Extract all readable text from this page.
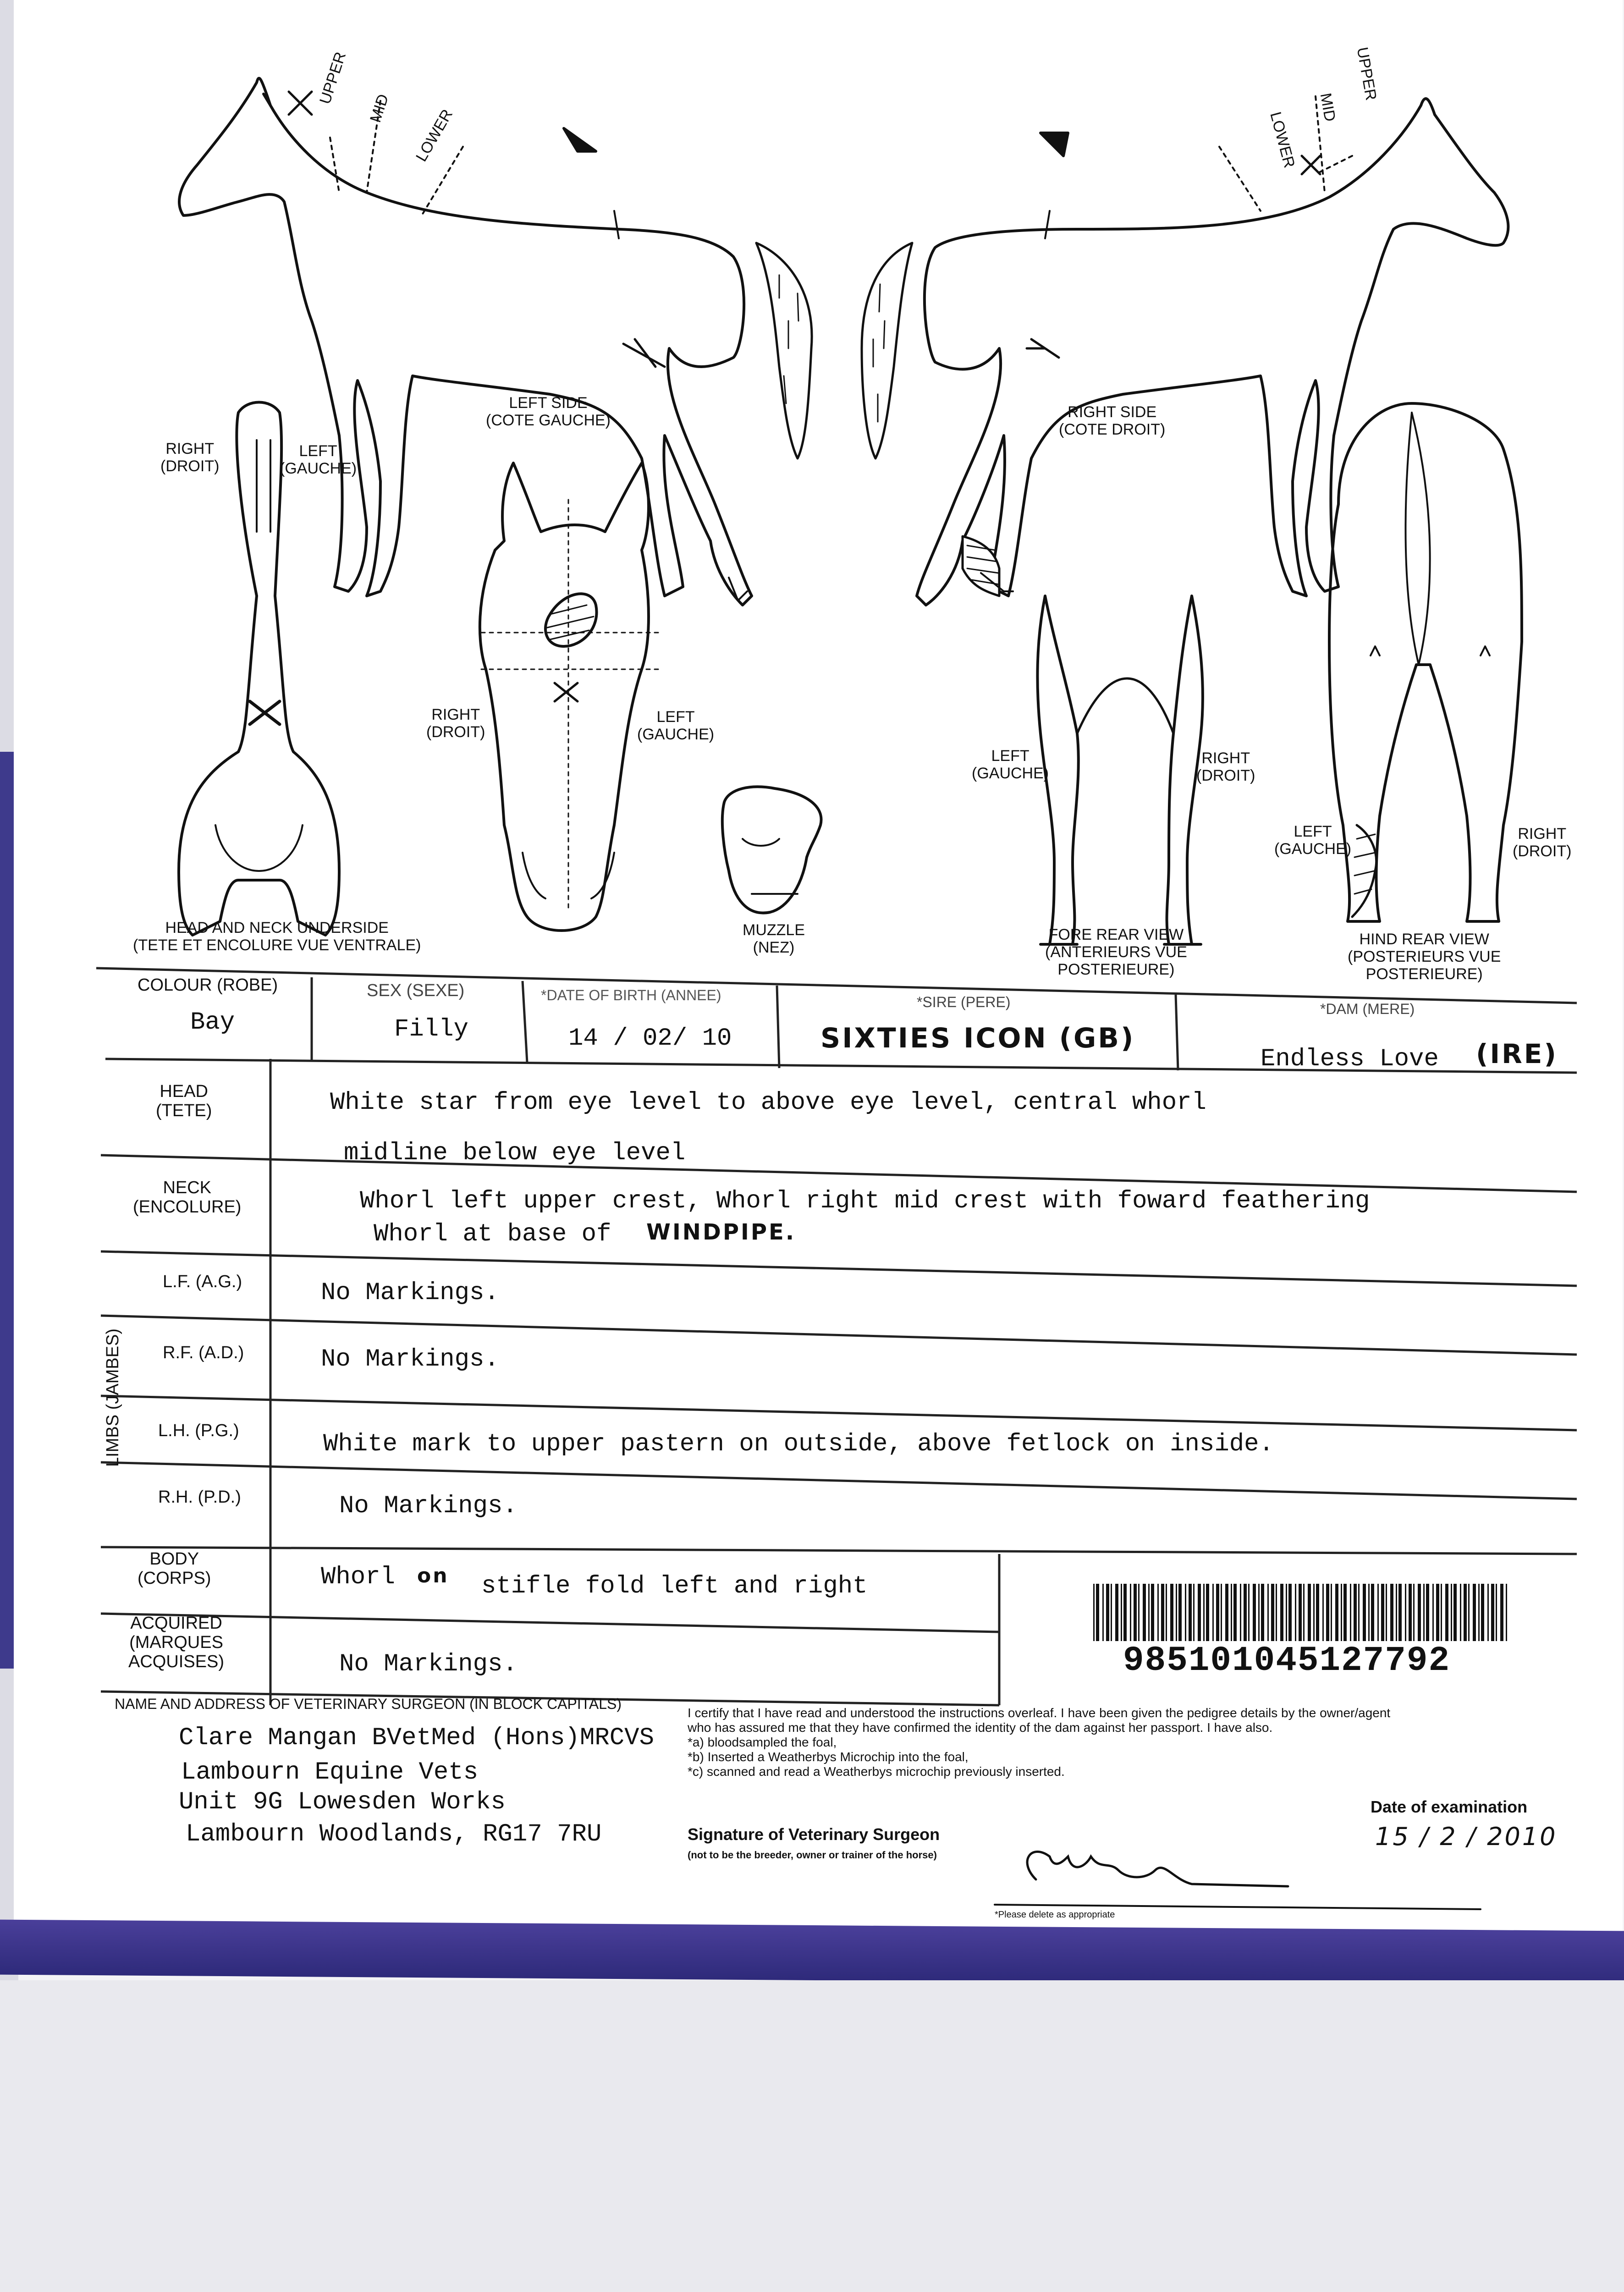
UPPER
MID LOWER
UPPER
MID
LOWER
LEFT SIDE
(COTE GAUCHE)	RIGHT SIDE
(COTE DROIT)
RIGHT
(DROIT)
LEFT
(GAUCHE)
RIGHT
(DROIT)
LEFT
(GAUCHE)
LEFT
(GAUCHE)
RIGHT
(DROIT)
LEFT
(GAUCHE)
RIGHT
(DROIT)
HEAD AND NECK UNDERSIDE
(TETE ET ENCOLURE VUE VENTRALE)
MUZZLE
(NEZ)
FORE REAR VIEW
(ANTERIEURS VUE
POSTERIEURE)
HIND REAR VIEW
(POSTERIEURS VUE
POSTERIEURE)
COLOUR (ROBE)
Bay
SEX (SEXE)
Filly
*DATE OF BIRTH (ANNEE)
14 / 02/ 10
*SIRE (PERE)
SIXTIES ICON (GB)
*DAM (MERE)
Endless Love (IRE)
HEAD
(TETE)	White star from eye level to above eye level, central whorl
midline below eye level
NECK
(ENCOLURE)	Whorl left upper crest, Whorl right mid crest with foward feathering
Whorl at base of WINDPIPE.
LIMBS (JAMBES)
L.F. (A.G.)	No Markings.
R.F. (A.D.)	No Markings.
L.H. (P.G.)	White mark to upper pastern on outside, above fetlock on inside.
R.H. (P.D.)	No Markings.
BODY
(CORPS)	Whorl on stifle fold left and right
ACQUIRED
(MARQUES
ACQUISES)	No Markings.	985101045127792
NAME AND ADDRESS OF VETERINARY SURGEON (IN BLOCK CAPITALS)
Clare Mangan BVetMed (Hons)MRCVS
Lambourn Equine Vets
Unit 9G Lowesden Works
Lambourn Woodlands, RG17 7RU
I certify that I have read and understood the instructions overleaf. I have been given the pedigree details by the owner/agent
who has assured me that they have confirmed the identity of the dam against her passport. I have also.
*a) bloodsampled the foal,
*b) Inserted a Weatherbys Microchip into the foal,
*c) scanned and read a Weatherbys microchip previously inserted.
Signature of Veterinary Surgeon
(not to be the breeder, owner or trainer of the horse)
Date of examination
15 / 2 / 2010
*Please delete as appropriate
